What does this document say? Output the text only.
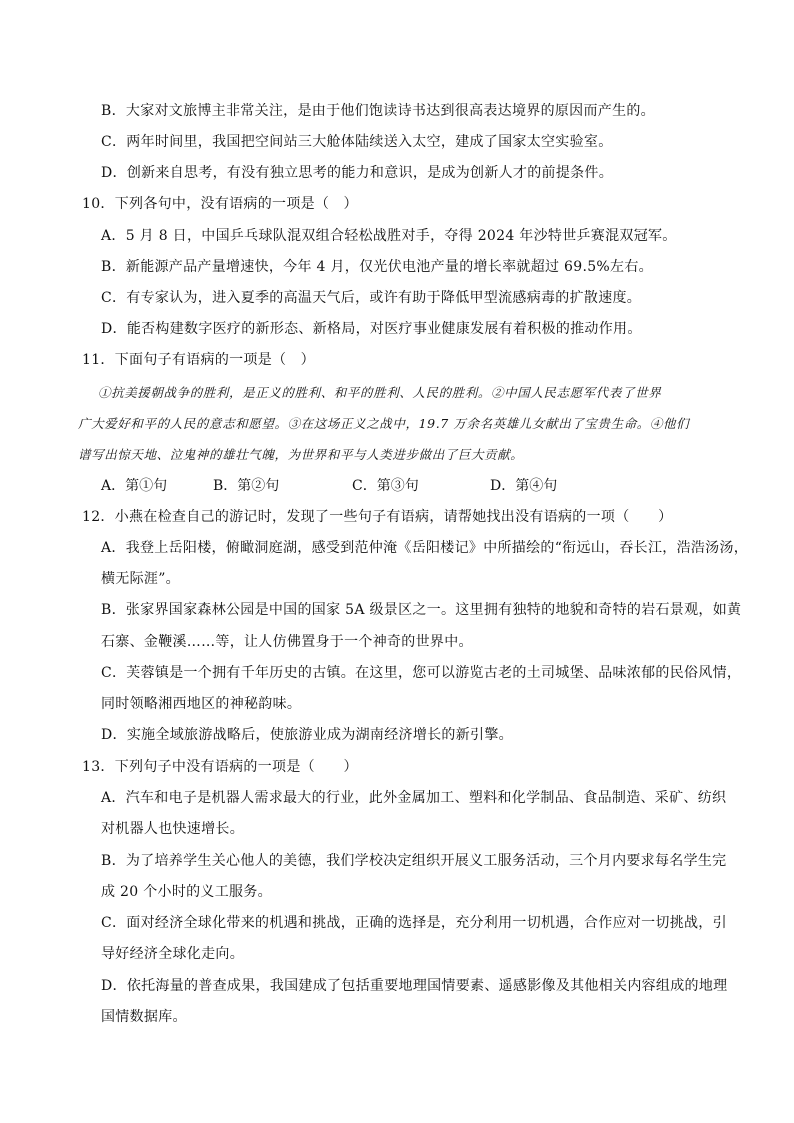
B．大家对文旅博主非常关注，是由于他们饱读诗书达到很高表达境界的原因而产生的。
C．两年时间里，我国把空间站三大舱体陆续送入太空，建成了国家太空实验室。
D．创新来自思考，有没有独立思考的能力和意识，是成为创新人才的前提条件。
10．下列各句中，没有语病的一项是（　）
A．5 月 8 日，中国乒乓球队混双组合轻松战胜对手，夺得 2024 年沙特世乒赛混双冠军。
B．新能源产品产量增速快，今年 4 月，仅光伏电池产量的增长率就超过 69.5%左右。
C．有专家认为，进入夏季的高温天气后，或许有助于降低甲型流感病毒的扩散速度。
D．能否构建数字医疗的新形态、新格局，对医疗事业健康发展有着积极的推动作用。
11．下面句子有语病的一项是（　）
①抗美援朝战争的胜利，是正义的胜利、和平的胜利、人民的胜利。②中国人民志愿军代表了世界
广大爱好和平的人民的意志和愿望。③在这场正义之战中，19.7 万余名英雄儿女献出了宝贵生命。④他们
谱写出惊天地、泣鬼神的雄壮气魄，为世界和平与人类进步做出了巨大贡献。
A．第①句	B．第②句	C．第③句	D．第④句
12．小燕在检查自己的游记时，发现了一些句子有语病，请帮她找出没有语病的一项（　　）
A．我登上岳阳楼，俯瞰洞庭湖，感受到范仲淹《岳阳楼记》中所描绘的“衔远山，吞长江，浩浩汤汤，
横无际涯”。
B．张家界国家森林公园是中国的国家 5A 级景区之一。这里拥有独特的地貌和奇特的岩石景观，如黄
石寨、金鞭溪……等，让人仿佛置身于一个神奇的世界中。
C．芙蓉镇是一个拥有千年历史的古镇。在这里，您可以游览古老的土司城堡、品味浓郁的民俗风情，
同时领略湘西地区的神秘韵味。
D．实施全域旅游战略后，使旅游业成为湖南经济增长的新引擎。
13．下列句子中没有语病的一项是（　　）
A．汽车和电子是机器人需求最大的行业，此外金属加工、塑料和化学制品、食品制造、采矿、纺织
对机器人也快速增长。
B．为了培养学生关心他人的美德，我们学校决定组织开展义工服务活动，三个月内要求每名学生完
成 20 个小时的义工服务。
C．面对经济全球化带来的机遇和挑战，正确的选择是，充分利用一切机遇，合作应对一切挑战，引
导好经济全球化走向。
D．依托海量的普查成果，我国建成了包括重要地理国情要素、遥感影像及其他相关内容组成的地理
国情数据库。
